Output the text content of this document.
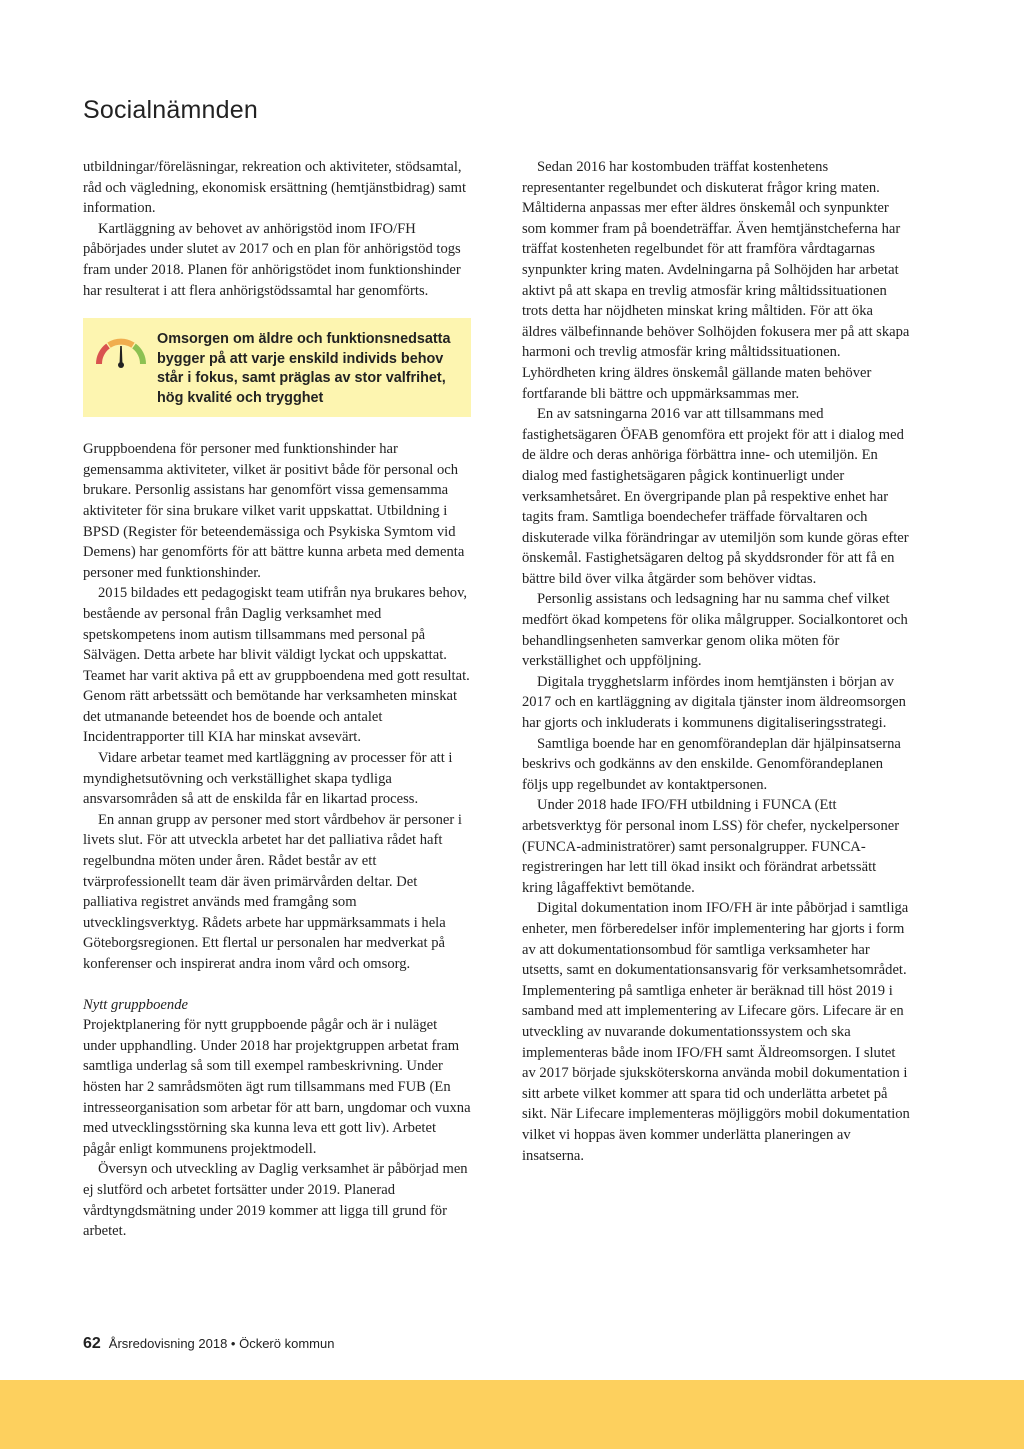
Socialnämnden

utbildningar/föreläsningar, rekreation och aktiviteter, stödsamtal, råd och vägledning, ekonomisk ersättning (hemtjänstbidrag) samt information.

Kartläggning av behovet av anhörigstöd inom IFO/FH påbörjades under slutet av 2017 och en plan för anhörigstöd togs fram under 2018. Planen för anhörigstödet inom funktionshinder har resulterat i att flera anhörigstödssamtal har genomförts.

Omsorgen om äldre och funktionsnedsatta bygger på att varje enskild individs behov står i fokus, samt präglas av stor valfrihet, hög kvalité och trygghet

Gruppboendena för personer med funktionshinder har gemensamma aktiviteter, vilket är positivt både för personal och brukare. Personlig assistans har genomfört vissa gemensamma aktiviteter för sina brukare vilket varit uppskattat. Utbildning i BPSD (Register för beteendemässiga och Psykiska Symtom vid Demens) har genomförts för att bättre kunna arbeta med dementa personer med funktionshinder.

2015 bildades ett pedagogiskt team utifrån nya brukares behov, bestående av personal från Daglig verksamhet med spetskompetens inom autism tillsammans med personal på Sälvägen. Detta arbete har blivit väldigt lyckat och uppskattat. Teamet har varit aktiva på ett av gruppboendena med gott resultat. Genom rätt arbetssätt och bemötande har verksamheten minskat det utmanande beteendet hos de boende och antalet Incidentrapporter till KIA har minskat avsevärt.

Vidare arbetar teamet med kartläggning av processer för att i myndighetsutövning och verkställighet skapa tydliga ansvarsområden så att de enskilda får en likartad process.

En annan grupp av personer med stort vårdbehov är personer i livets slut. För att utveckla arbetet har det palliativa rådet haft regelbundna möten under åren. Rådet består av ett tvärprofessionellt team där även primärvården deltar. Det palliativa registret används med framgång som utvecklingsverktyg. Rådets arbete har uppmärksammats i hela Göteborgsregionen. Ett flertal ur personalen har medverkat på konferenser och inspirerat andra inom vård och omsorg.

Nytt gruppboende

Projektplanering för nytt gruppboende pågår och är i nuläget under upphandling. Under 2018 har projektgruppen arbetat fram samtliga underlag så som till exempel rambeskrivning. Under hösten har 2 samrådsmöten ägt rum tillsammans med FUB (En intresseorganisation som arbetar för att barn, ungdomar och vuxna med utvecklingsstörning ska kunna leva ett gott liv). Arbetet pågår enligt kommunens projektmodell.

Översyn och utveckling av Daglig verksamhet är påbörjad men ej slutförd och arbetet fortsätter under 2019. Planerad vårdtyngdsmätning under 2019 kommer att ligga till grund för arbetet.

Sedan 2016 har kostombuden träffat kostenhetens representanter regelbundet och diskuterat frågor kring maten. Måltiderna anpassas mer efter äldres önskemål och synpunkter som kommer fram på boendeträffar. Även hemtjänstcheferna har träffat kostenheten regelbundet för att framföra vårdtagarnas synpunkter kring maten. Avdelningarna på Solhöjden har arbetat aktivt på att skapa en trevlig atmosfär kring måltidssituationen trots detta har nöjdheten minskat kring måltiden. För att öka äldres välbefinnande behöver Solhöjden fokusera mer på att skapa harmoni och trevlig atmosfär kring måltidssituationen. Lyhördheten kring äldres önskemål gällande maten behöver fortfarande bli bättre och uppmärksammas mer.

En av satsningarna 2016 var att tillsammans med fastighetsägaren ÖFAB genomföra ett projekt för att i dialog med de äldre och deras anhöriga förbättra inne- och utemiljön. En dialog med fastighetsägaren pågick kontinuerligt under verksamhetsåret. En övergripande plan på respektive enhet har tagits fram. Samtliga boendechefer träffade förvaltaren och diskuterade vilka förändringar av utemiljön som kunde göras efter önskemål. Fastighetsägaren deltog på skyddsronder för att få en bättre bild över vilka åtgärder som behöver vidtas.

Personlig assistans och ledsagning har nu samma chef vilket medfört ökad kompetens för olika målgrupper. Socialkontoret och behandlingsenheten samverkar genom olika möten för verkställighet och uppföljning.

Digitala trygghetslarm infördes inom hemtjänsten i början av 2017 och en kartläggning av digitala tjänster inom äldreomsorgen har gjorts och inkluderats i kommunens digitaliseringsstrategi.

Samtliga boende har en genomförandeplan där hjälpinsatserna beskrivs och godkänns av den enskilde. Genomförandeplanen följs upp regelbundet av kontaktpersonen.

Under 2018 hade IFO/FH utbildning i FUNCA (Ett arbetsverktyg för personal inom LSS) för chefer, nyckelpersoner (FUNCA-administratörer) samt personalgrupper. FUNCA-registreringen har lett till ökad insikt och förändrat arbetssätt kring lågaffektivt bemötande.

Digital dokumentation inom IFO/FH är inte påbörjad i samtliga enheter, men förberedelser inför implementering har gjorts i form av att dokumentationsombud för samtliga verksamheter har utsetts, samt en dokumentationsansvarig för verksamhetsområdet. Implementering på samtliga enheter är beräknad till höst 2019 i samband med att implementering av Lifecare görs. Lifecare är en utveckling av nuvarande dokumentationssystem och ska implementeras både inom IFO/FH samt Äldreomsorgen. I slutet av 2017 började sjuksköterskorna använda mobil dokumentation i sitt arbete vilket kommer att spara tid och underlätta arbetet på sikt. När Lifecare implementeras möjliggörs mobil dokumentation vilket vi hoppas även kommer underlätta planeringen av insatserna.

62 Årsredovisning 2018 • Öckerö kommun
